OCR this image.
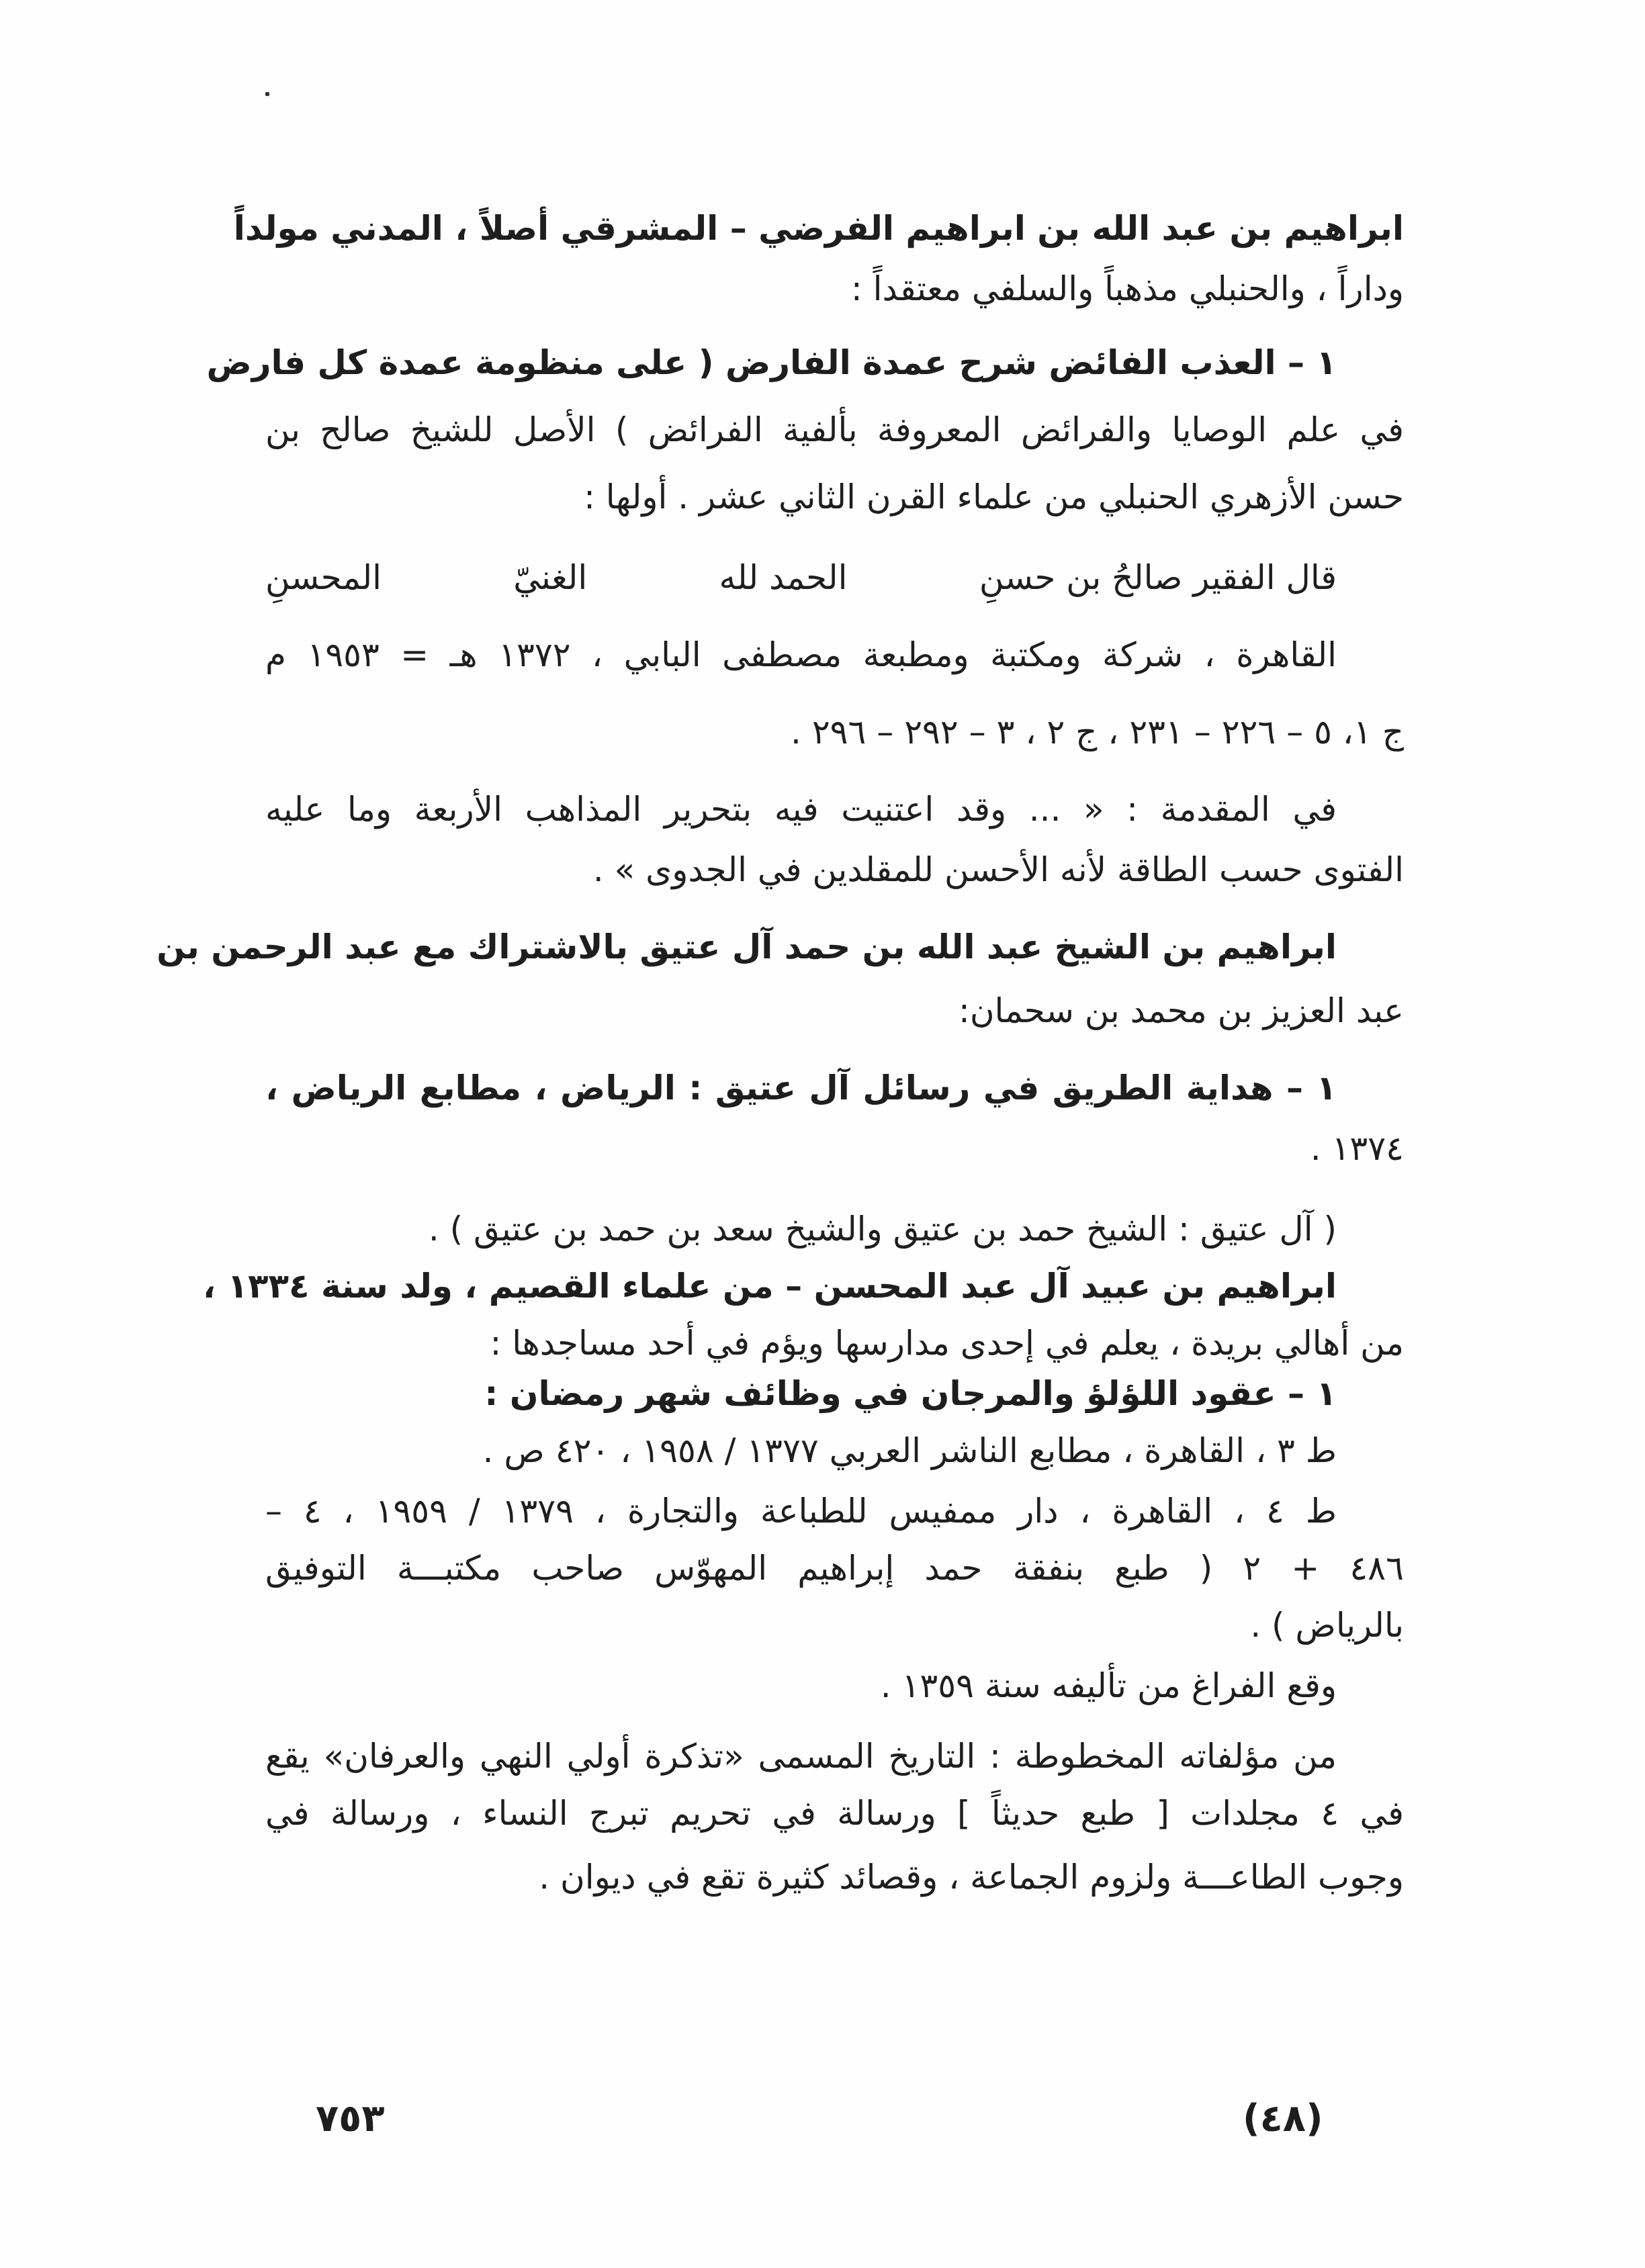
ابراهيم بن عبد الله بن ابراهيم الفرضي – المشرقي أصلاً ، المدني مولداً
وداراً ، والحنبلي مذهباً والسلفي معتقداً :
١ – العذب الفائض شرح عمدة الفارض ( على منظومة عمدة كل فارض
في علم الوصايا والفرائض المعروفة بألفية الفرائض ) الأصل للشيخ صالح بن
حسن الأزهري الحنبلي من علماء القرن الثاني عشر . أولها :
قال الفقير صالحُ بن حسنِ
الحمد لله
الغنيّ
المحسنِ
القاهرة ، شركة ومكتبة ومطبعة مصطفى البابي ، ١٣٧٢ هـ = ١٩٥٣ م
ج ١، ٥ – ٢٢٦ – ٢٣١ ، ج ٢ ، ٣ – ٢٩٢ – ٢٩٦ .
في المقدمة : « ... وقد اعتنيت فيه بتحرير المذاهب الأربعة وما عليه
الفتوى حسب الطاقة لأنه الأحسن للمقلدين في الجدوى » .
ابراهيم بن الشيخ عبد الله بن حمد آل عتيق بالاشتراك مع عبد الرحمن بن
عبد العزيز بن محمد بن سحمان:
١ – هداية الطريق في رسائل آل عتيق : الرياض ، مطابع الرياض ،
١٣٧٤ .
( آل عتيق : الشيخ حمد بن عتيق والشيخ سعد بن حمد بن عتيق ) .
ابراهيم بن عبيد آل عبد المحسن – من علماء القصيم ، ولد سنة ١٣٣٤ ،
من أهالي بريدة ، يعلم في إحدى مدارسها ويؤم في أحد مساجدها :
١ – عقود اللؤلؤ والمرجان في وظائف شهر رمضان :
ط ٣ ، القاهرة ، مطابع الناشر العربي ١٣٧٧ / ١٩٥٨ ، ٤٢٠ ص .
ط ٤ ، القاهرة ، دار ممفيس للطباعة والتجارة ، ١٣٧٩ / ١٩٥٩ ، ٤ –
٤٨٦ + ٢ ( طبع بنفقة حمد إبراهيم المهوّس صاحب مكتبـــة التوفيق
بالرياض ) .
وقع الفراغ من تأليفه سنة ١٣٥٩ .
من مؤلفاته المخطوطة : التاريخ المسمى «تذكرة أولي النهي والعرفان» يقع
في ٤ مجلدات [ طبع حديثاً ] ورسالة في تحريم تبرج النساء ، ورسالة في
وجوب الطاعـــة ولزوم الجماعة ، وقصائد كثيرة تقع في ديوان .
٧٥٣	(٤٨)
